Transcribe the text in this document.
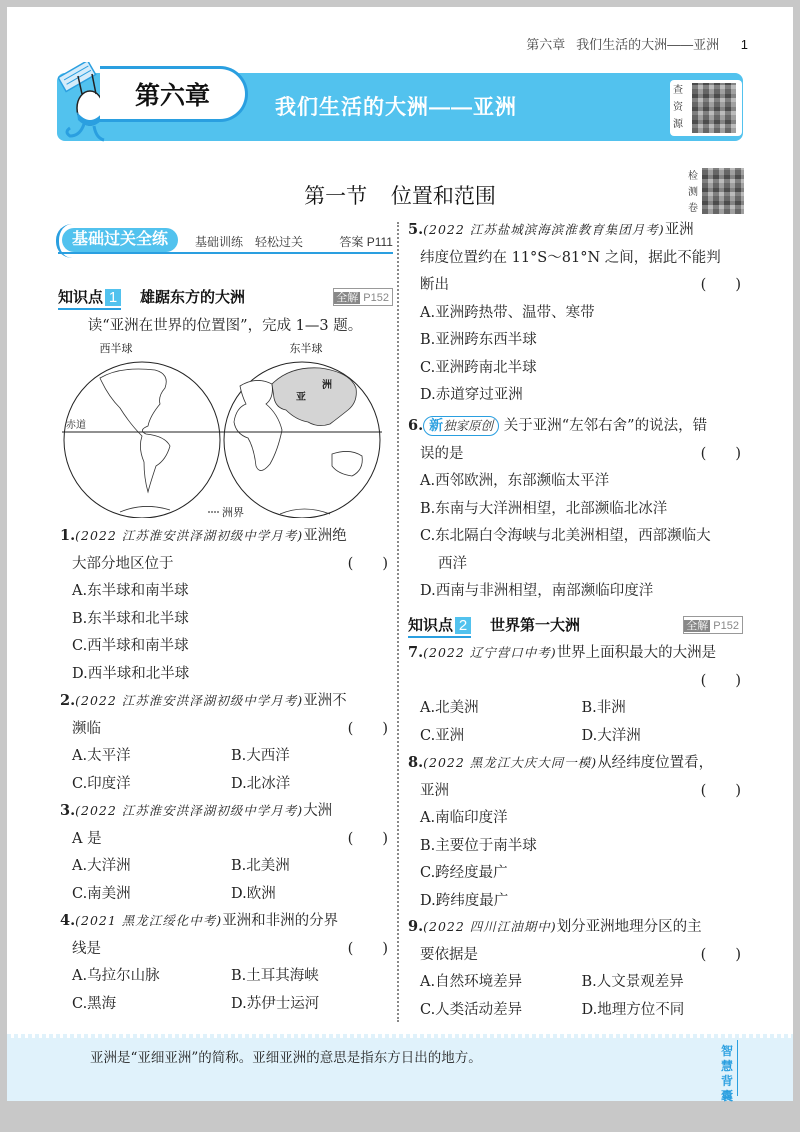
第六章 我们生活的大洲——亚洲 1
第六章	我们生活的大洲——亚洲
查
资
源
第一节 位置和范围
检
测
卷
基础过关全练	基础训练　轻松过关	答案 P111
知识点 1 雄踞东方的大洲	全解 P152
读“亚洲在世界的位置图”，完成 1—3 题。
西半球	东半球
赤道
亚
洲
洲界
1.(2022 江苏淮安洪泽湖初级中学月考)亚洲绝
大部分地区位于	(　　)
A.东半球和南半球
B.东半球和北半球
C.西半球和南半球
D.西半球和北半球
2.(2022 江苏淮安洪泽湖初级中学月考)亚洲不
濒临	(　　)
A.太平洋	B.大西洋
C.印度洋	D.北冰洋
3.(2022 江苏淮安洪泽湖初级中学月考)大洲
A 是	(　　)
A.大洋洲	B.北美洲
C.南美洲	D.欧洲
4.(2021 黑龙江绥化中考)亚洲和非洲的分界
线是	(　　)
A.乌拉尔山脉	B.土耳其海峡
C.黑海	D.苏伊士运河
5.(2022 江苏盐城滨海滨淮教育集团月考)亚洲
纬度位置约在 11°S～81°N 之间，据此不能判
断出	(　　)
A.亚洲跨热带、温带、寒带
B.亚洲跨东西半球
C.亚洲跨南北半球
D.赤道穿过亚洲
6. 新独家原创 关于亚洲“左邻右舍”的说法，错
误的是	(　　)
A.西邻欧洲，东部濒临太平洋
B.东南与大洋洲相望，北部濒临北冰洋
C.东北隔白令海峡与北美洲相望，西部濒临大
西洋
D.西南与非洲相望，南部濒临印度洋
知识点 2 世界第一大洲	全解 P152
7.(2022 辽宁营口中考)世界上面积最大的大洲是

(　　)
A.北美洲	B.非洲
C.亚洲	D.大洋洲
8.(2022 黑龙江大庆大同一模)从经纬度位置看，
亚洲	(　　)
A.南临印度洋
B.主要位于南半球
C.跨经度最广
D.跨纬度最广
9.(2022 四川江油期中)划分亚洲地理分区的主
要依据是	(　　)
A.自然环境差异	B.人文景观差异
C.人类活动差异	D.地理方位不同
亚洲是“亚细亚洲”的简称。亚细亚洲的意思是指东方日出的地方。	智慧背囊
